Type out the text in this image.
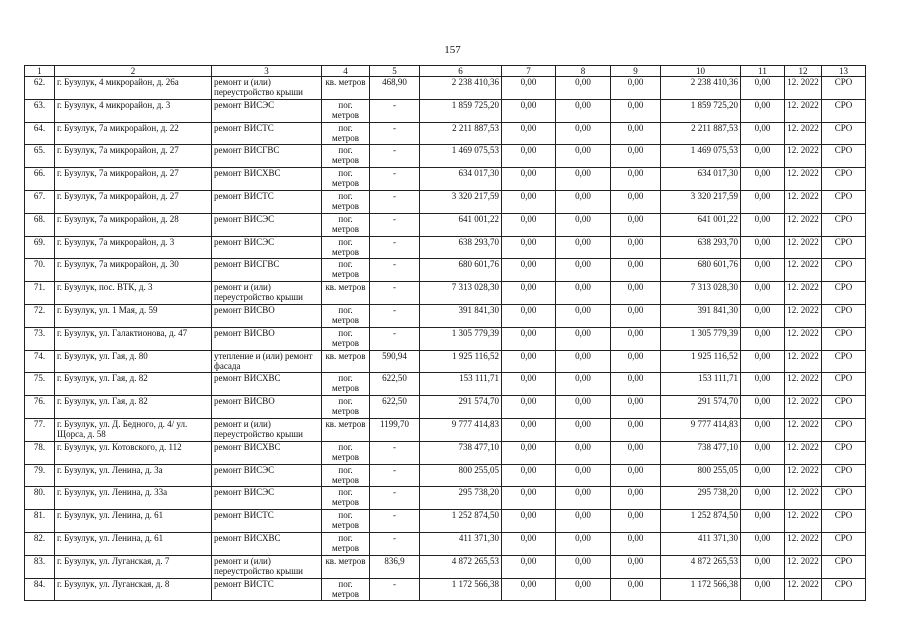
157
1	2	3	4	5	6	7	8	9	10	11	12	13
62.	г. Бузулук, 4 микрорайон, д. 26а	ремонт и (или) переустройство крыши	кв. метров	468,90	2 238 410,36	0,00	0,00	0,00	2 238 410,36	0,00	12. 2022	СРО
63.	г. Бузулук, 4 микрорайон, д. 3	ремонт ВИСЭС	пог. метров	-	1 859 725,20	0,00	0,00	0,00	1 859 725,20	0,00	12. 2022	СРО
64.	г. Бузулук, 7а микрорайон, д. 22	ремонт ВИСТС	пог. метров	-	2 211 887,53	0,00	0,00	0,00	2 211 887,53	0,00	12. 2022	СРО
65.	г. Бузулук, 7а микрорайон, д. 27	ремонт ВИСГВС	пог. метров	-	1 469 075,53	0,00	0,00	0,00	1 469 075,53	0,00	12. 2022	СРО
66.	г. Бузулук, 7а микрорайон, д. 27	ремонт ВИСХВС	пог. метров	-	634 017,30	0,00	0,00	0,00	634 017,30	0,00	12. 2022	СРО
67.	г. Бузулук, 7а микрорайон, д. 27	ремонт ВИСТС	пог. метров	-	3 320 217,59	0,00	0,00	0,00	3 320 217,59	0,00	12. 2022	СРО
68.	г. Бузулук, 7а микрорайон, д. 28	ремонт ВИСЭС	пог. метров	-	641 001,22	0,00	0,00	0,00	641 001,22	0,00	12. 2022	СРО
69.	г. Бузулук, 7а микрорайон, д. 3	ремонт ВИСЭС	пог. метров	-	638 293,70	0,00	0,00	0,00	638 293,70	0,00	12. 2022	СРО
70.	г. Бузулук, 7а микрорайон, д. 30	ремонт ВИСГВС	пог. метров	-	680 601,76	0,00	0,00	0,00	680 601,76	0,00	12. 2022	СРО
71.	г. Бузулук, пос. ВТК, д. 3	ремонт и (или) переустройство крыши	кв. метров	-	7 313 028,30	0,00	0,00	0,00	7 313 028,30	0,00	12. 2022	СРО
72.	г. Бузулук, ул. 1 Мая, д. 59	ремонт ВИСВО	пог. метров	-	391 841,30	0,00	0,00	0,00	391 841,30	0,00	12. 2022	СРО
73.	г. Бузулук, ул. Галактионова, д. 47	ремонт ВИСВО	пог. метров	-	1 305 779,39	0,00	0,00	0,00	1 305 779,39	0,00	12. 2022	СРО
74.	г. Бузулук, ул. Гая, д. 80	утепление и (или) ремонт фасада	кв. метров	590,94	1 925 116,52	0,00	0,00	0,00	1 925 116,52	0,00	12. 2022	СРО
75.	г. Бузулук, ул. Гая, д. 82	ремонт ВИСХВС	пог. метров	622,50	153 111,71	0,00	0,00	0,00	153 111,71	0,00	12. 2022	СРО
76.	г. Бузулук, ул. Гая, д. 82	ремонт ВИСВО	пог. метров	622,50	291 574,70	0,00	0,00	0,00	291 574,70	0,00	12. 2022	СРО
77.	г. Бузулук, ул. Д. Бедного, д. 4/ ул. Щорса, д. 58	ремонт и (или) переустройство крыши	кв. метров	1199,70	9 777 414,83	0,00	0,00	0,00	9 777 414,83	0,00	12. 2022	СРО
78.	г. Бузулук, ул. Котовского, д. 112	ремонт ВИСХВС	пог. метров	-	738 477,10	0,00	0,00	0,00	738 477,10	0,00	12. 2022	СРО
79.	г. Бузулук, ул. Ленина, д. 3а	ремонт ВИСЭС	пог. метров	-	800 255,05	0,00	0,00	0,00	800 255,05	0,00	12. 2022	СРО
80.	г. Бузулук, ул. Ленина, д. 33а	ремонт ВИСЭС	пог. метров	-	295 738,20	0,00	0,00	0,00	295 738,20	0,00	12. 2022	СРО
81.	г. Бузулук, ул. Ленина, д. 61	ремонт ВИСТС	пог. метров	-	1 252 874,50	0,00	0,00	0,00	1 252 874,50	0,00	12. 2022	СРО
82.	г. Бузулук, ул. Ленина, д. 61	ремонт ВИСХВС	пог. метров	-	411 371,30	0,00	0,00	0,00	411 371,30	0,00	12. 2022	СРО
83.	г. Бузулук, ул. Луганская, д. 7	ремонт и (или) переустройство крыши	кв. метров	836,9	4 872 265,53	0,00	0,00	0,00	4 872 265,53	0,00	12. 2022	СРО
84.	г. Бузулук, ул. Луганская, д. 8	ремонт ВИСТС	пог. метров	-	1 172 566,38	0,00	0,00	0,00	1 172 566,38	0,00	12. 2022	СРО
